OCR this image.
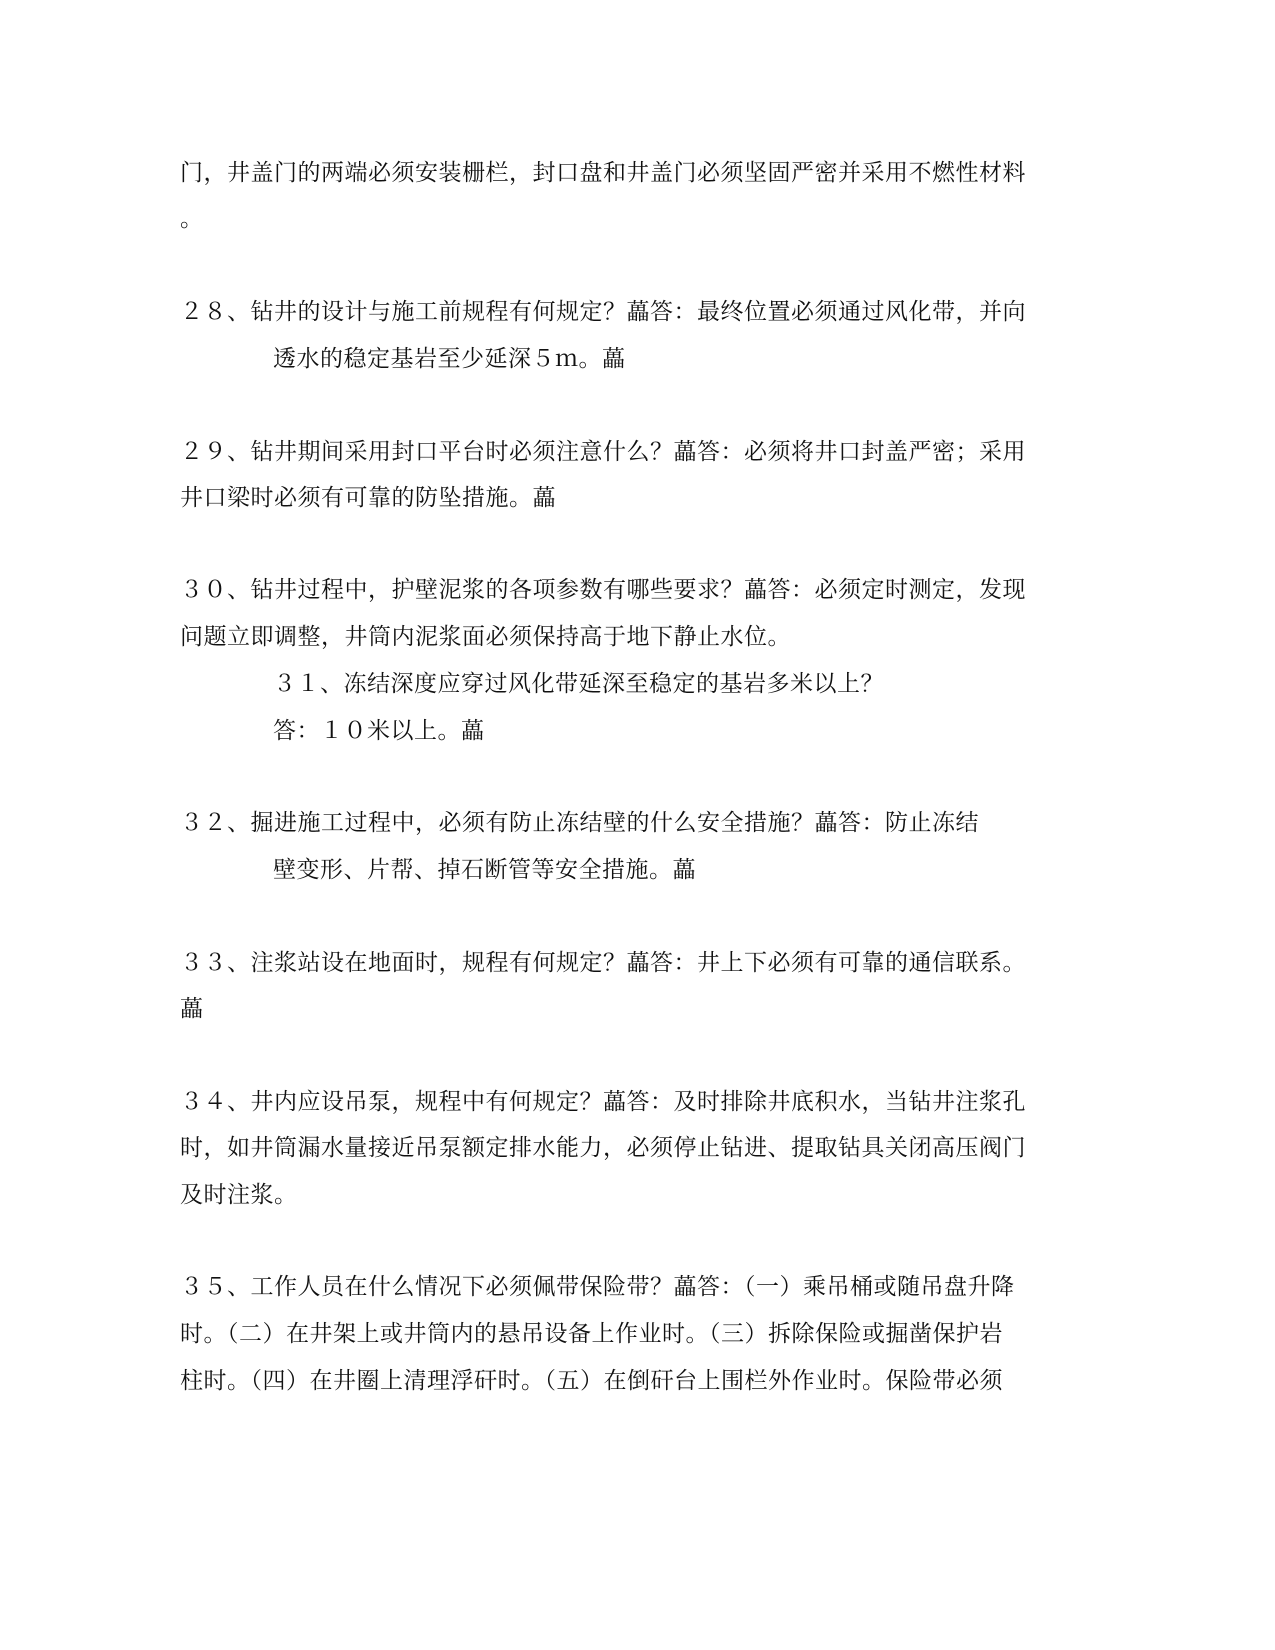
门，井盖门的两端必须安装栅栏，封口盘和井盖门必须坚固严密并采用不燃性材料
。
２８、钻井的设计与施工前规程有何规定？藟答：最终位置必须通过风化带，并向
透水的稳定基岩至少延深５ｍ。藟
２９、钻井期间采用封口平台时必须注意什么？藟答：必须将井口封盖严密；采用
井口梁时必须有可靠的防坠措施。藟
３０、钻井过程中，护壁泥浆的各项参数有哪些要求？藟答：必须定时测定，发现
问题立即调整，井筒内泥浆面必须保持高于地下静止水位。
３１、冻结深度应穿过风化带延深至稳定的基岩多米以上？
答：１０米以上。藟
３２、掘进施工过程中，必须有防止冻结壁的什么安全措施？藟答：防止冻结
壁变形、片帮、掉石断管等安全措施。藟
３３、注浆站设在地面时，规程有何规定？藟答：井上下必须有可靠的通信联系。
藟
３４、井内应设吊泵，规程中有何规定？藟答：及时排除井底积水，当钻井注浆孔
时，如井筒漏水量接近吊泵额定排水能力，必须停止钻进、提取钻具关闭高压阀门
及时注浆。
３５、工作人员在什么情况下必须佩带保险带？藟答：（一）乘吊桶或随吊盘升降
时。（二）在井架上或井筒内的悬吊设备上作业时。（三）拆除保险或掘凿保护岩
柱时。（四）在井圈上清理浮矸时。（五）在倒矸台上围栏外作业时。保险带必须
